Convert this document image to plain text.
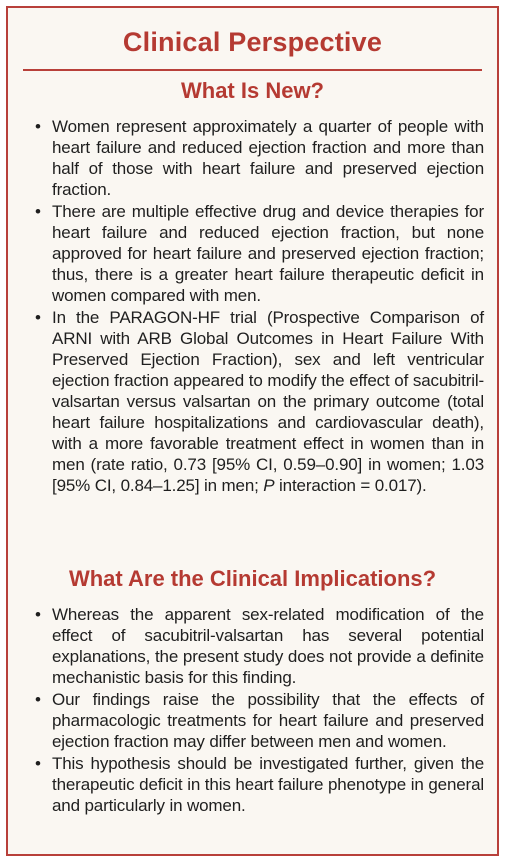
Clinical Perspective
What Is New?
• Women represent approximately a quarter of people with heart failure and reduced ejection fraction and more than half of those with heart failure and preserved ejection fraction.
• There are multiple effective drug and device therapies for heart failure and reduced ejection fraction, but none approved for heart failure and preserved ejection fraction; thus, there is a greater heart failure therapeutic deficit in women compared with men.
• In the PARAGON-HF trial (Prospective Comparison of ARNI with ARB Global Outcomes in Heart Failure With Preserved Ejection Fraction), sex and left ventricular ejection fraction appeared to modify the effect of sacubitril-valsartan versus valsartan on the primary outcome (total heart failure hospitalizations and cardiovascular death), with a more favorable treatment effect in women than in men (rate ratio, 0.73 [95% CI, 0.59–0.90] in women; 1.03 [95% CI, 0.84–1.25] in men; P interaction = 0.017).
What Are the Clinical Implications?
• Whereas the apparent sex-related modification of the effect of sacubitril-valsartan has several potential explanations, the present study does not provide a definite mechanistic basis for this finding.
• Our findings raise the possibility that the effects of pharmacologic treatments for heart failure and preserved ejection fraction may differ between men and women.
• This hypothesis should be investigated further, given the therapeutic deficit in this heart failure phenotype in general and particularly in women.
